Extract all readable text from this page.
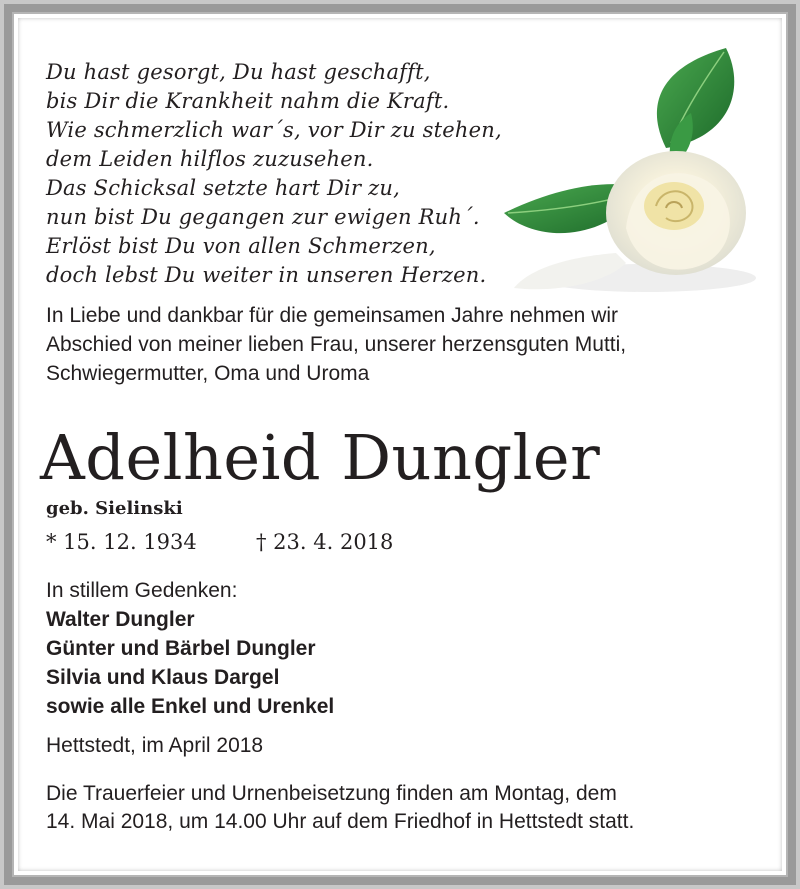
Du hast gesorgt, Du hast geschafft,
bis Dir die Krankheit nahm die Kraft.
Wie schmerzlich war´s, vor Dir zu stehen,
dem Leiden hilflos zuzusehen.
Das Schicksal setzte hart Dir zu,
nun bist Du gegangen zur ewigen Ruh´.
Erlöst bist Du von allen Schmerzen,
doch lebst Du weiter in unseren Herzen.
In Liebe und dankbar für die gemeinsamen Jahre nehmen wir
Abschied von meiner lieben Frau, unserer herzensguten Mutti,
Schwiegermutter, Oma und Uroma
Adelheid Dungler
geb. Sielinski
* 15. 12. 1934	† 23. 4. 2018
In stillem Gedenken:
Walter Dungler
Günter und Bärbel Dungler
Silvia und Klaus Dargel
sowie alle Enkel und Urenkel
Hettstedt, im April 2018
Die Trauerfeier und Urnenbeisetzung finden am Montag, dem
14. Mai 2018, um 14.00 Uhr auf dem Friedhof in Hettstedt statt.
